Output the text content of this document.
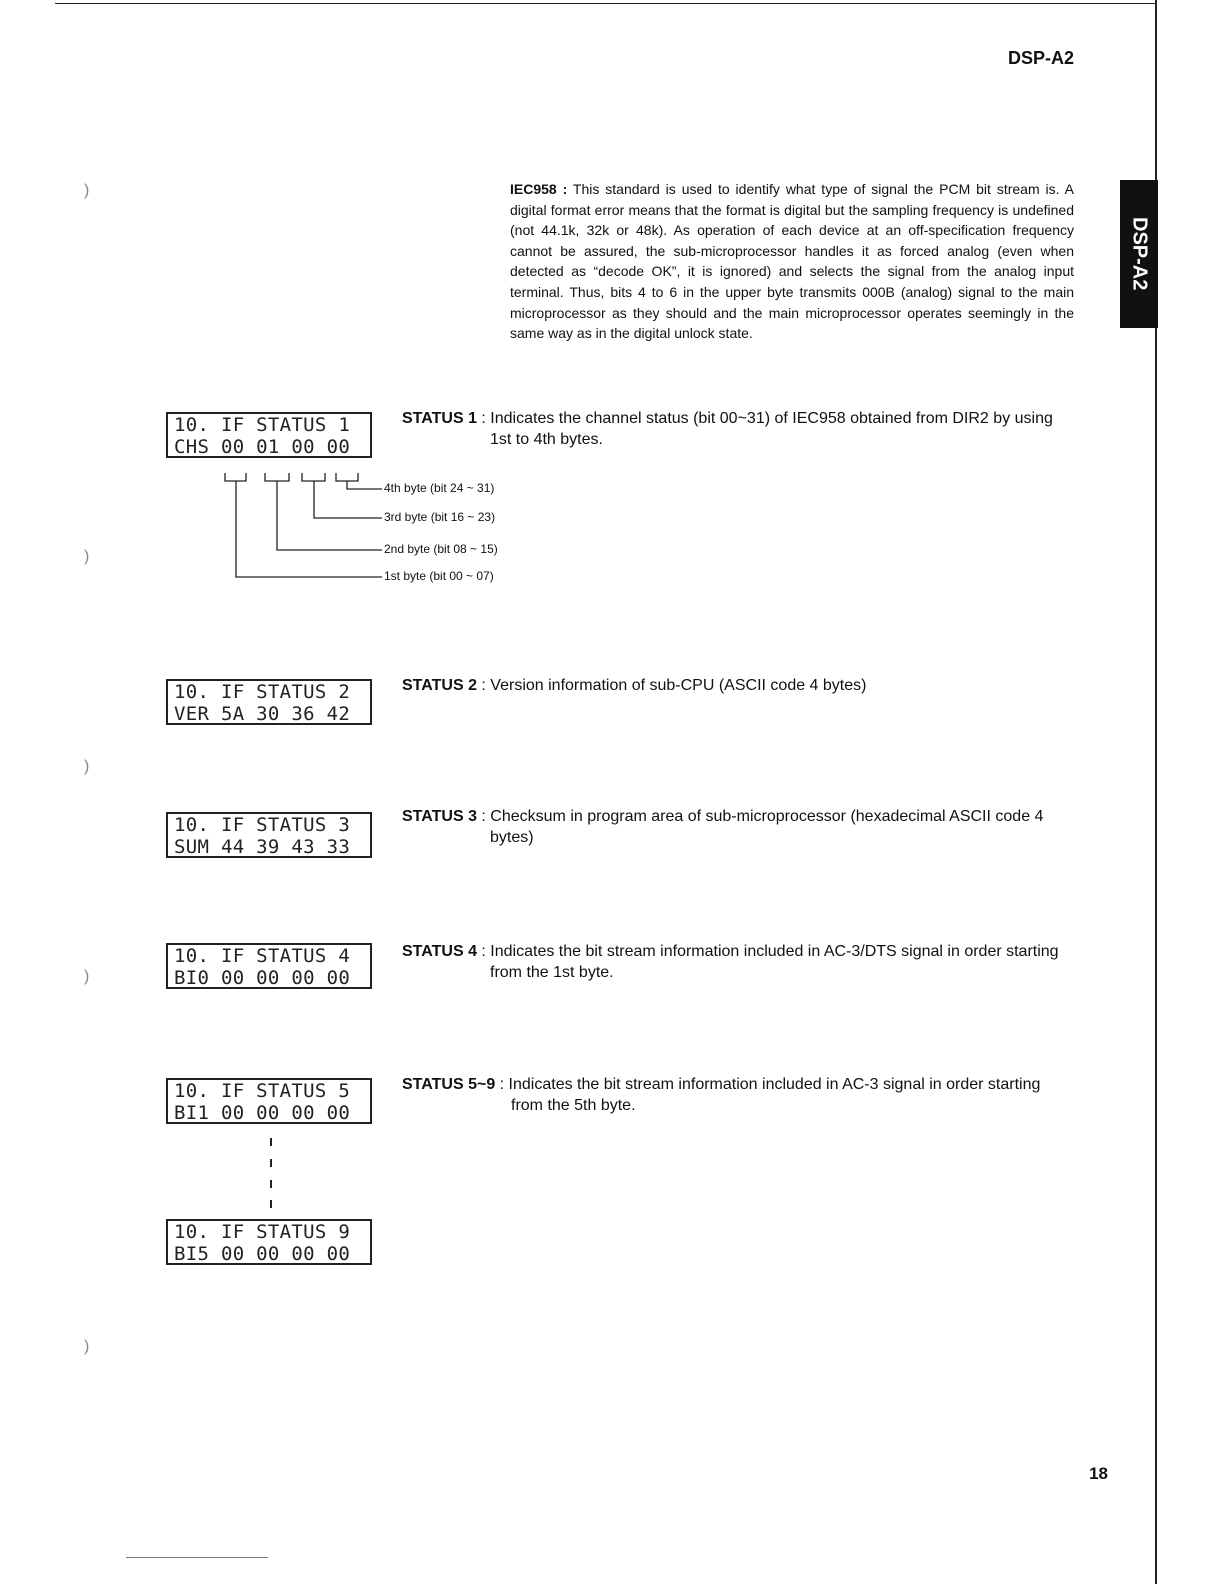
DSP-A2
DSP-A2
)
)
)
)
)
IEC958 : This standard is used to identify what type of signal the PCM bit stream is. A digital format error means that the format is digital but the sampling frequency is undefined (not 44.1k, 32k or 48k). As operation of each device at an off-specification frequency cannot be assured, the sub-microprocessor handles it as forced analog (even when detected as “decode OK”, it is ignored) and selects the signal from the analog input terminal. Thus, bits 4 to 6 in the upper byte transmits 000B (analog) signal to the main microprocessor as they should and the main microprocessor operates seemingly in the same way as in the digital unlock state.
10. IF STATUS 1
CHS 00 01 00 00
STATUS 1 : Indicates the channel status (bit 00~31) of IEC958 obtained from DIR2 by using
1st to 4th bytes.
4th byte (bit 24 ~ 31)
3rd byte (bit 16 ~ 23)
2nd byte (bit 08 ~ 15)
1st byte (bit 00 ~ 07)
10. IF STATUS 2
VER 5A 30 36 42
STATUS 2 : Version information of sub-CPU (ASCII code 4 bytes)
10. IF STATUS 3
SUM 44 39 43 33
STATUS 3 : Checksum in program area of sub-microprocessor (hexadecimal ASCII code 4
bytes)
10. IF STATUS 4
BI0 00 00 00 00
STATUS 4 : Indicates the bit stream information included in AC-3/DTS signal in order starting
from the 1st byte.
10. IF STATUS 5
BI1 00 00 00 00
STATUS 5~9 : Indicates the bit stream information included in AC-3 signal in order starting
from the 5th byte.
10. IF STATUS 9
BI5 00 00 00 00
18
